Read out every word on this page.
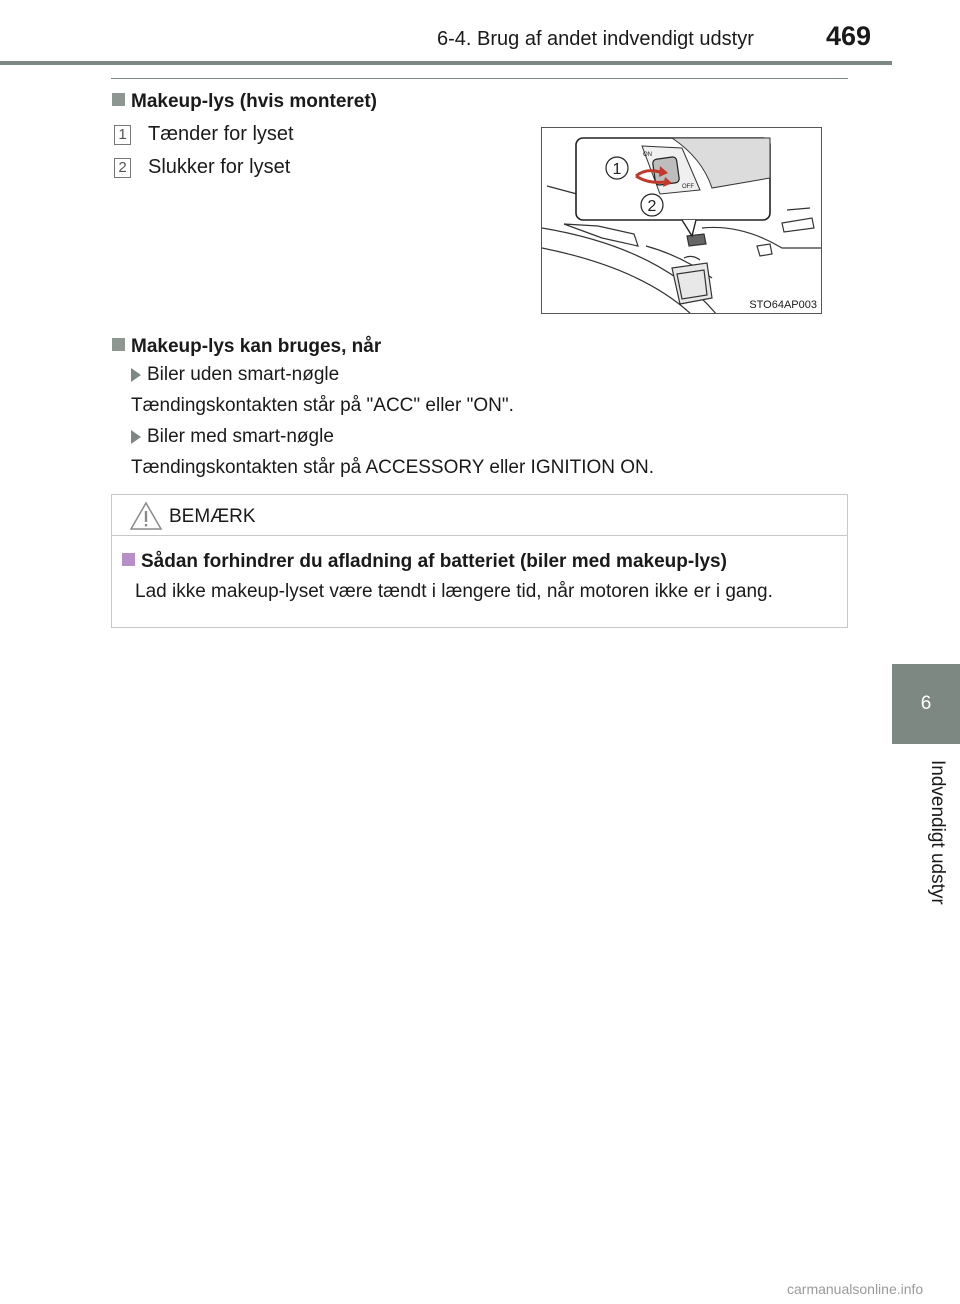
6-4. Brug af andet indvendigt udstyr	469
6
Indvendigt udstyr
Makeup-lys (hvis monteret)
1 Tænder for lyset
2 Slukker for lyset
ON
OFF
1
2
STO64AP003
Makeup-lys kan bruges, når
Biler uden smart-nøgle
Tændingskontakten står på "ACC" eller "ON".
Biler med smart-nøgle
Tændingskontakten står på ACCESSORY eller IGNITION ON.
BEMÆRK
Sådan forhindrer du afladning af batteriet (biler med makeup-lys)
Lad ikke makeup-lyset være tændt i længere tid, når motoren ikke er i gang.
carmanualsonline.info
